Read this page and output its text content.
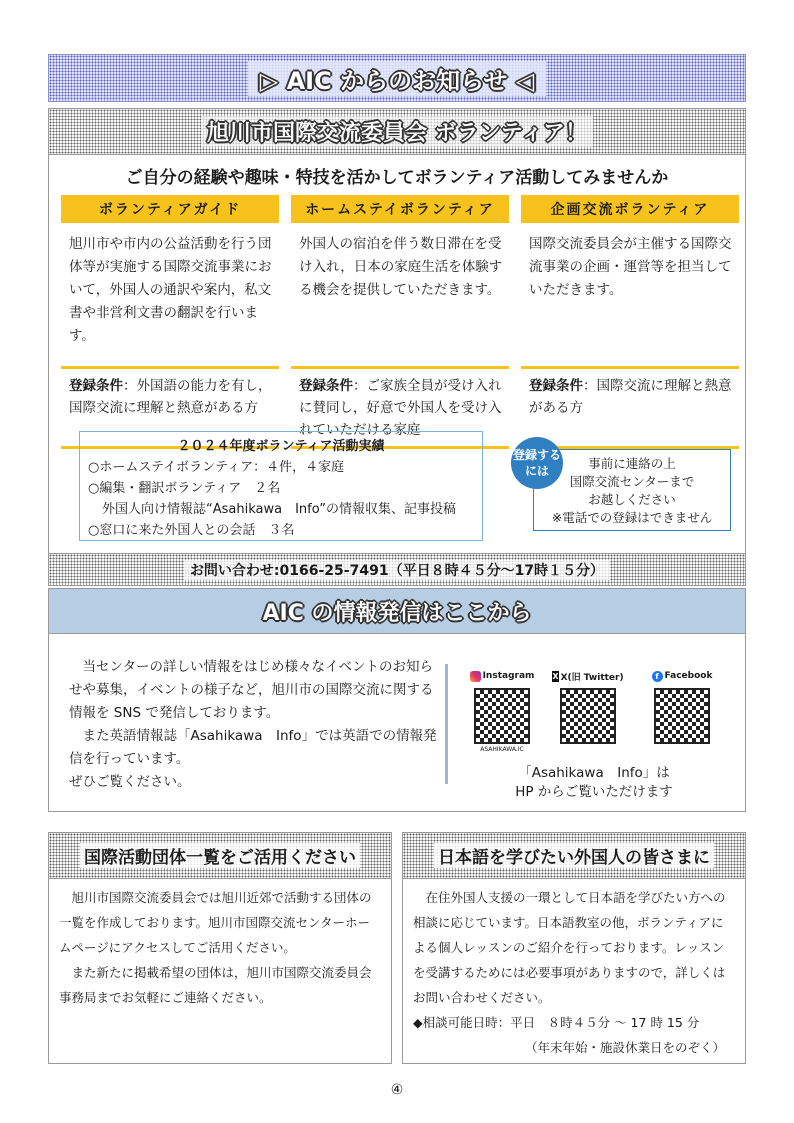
▷ AIC からのお知らせ ◁
旭川市国際交流委員会 ボランティア！
ご自分の経験や趣味・特技を活かしてボランティア活動してみませんか
ボランティアガイド
旭川市や市内の公益活動を行う団体等が実施する国際交流事業において，外国人の通訳や案内，私文書や非営利文書の翻訳を行います。
登録条件：外国語の能力を有し，国際交流に理解と熱意がある方
ホームステイボランティア
外国人の宿泊を伴う数日滞在を受け入れ，日本の家庭生活を体験する機会を提供していただきます。
登録条件：ご家族全員が受け入れに賛同し，好意で外国人を受け入れていただける家庭
企画交流ボランティア
国際交流委員会が主催する国際交流事業の企画・運営等を担当していただきます。
登録条件：国際交流に理解と熱意がある方
２０２４年度ボランティア活動実績
○ホームステイボランティア：４件，４家庭
○編集・翻訳ボランティア　２名
外国人向け情報誌“Asahikawa　Info”の情報収集、記事投稿
○窓口に来た外国人との会話　３名
登録するには	事前に連絡の上
国際交流センターまで
お越しください
※電話での登録はできません
お問い合わせ:0166-25-7491（平日８時４５分～17時１５分）
AIC の情報発信はここから

当センターの詳しい情報をはじめ様々なイベントのお知らせや募集，イベントの様子など，旭川市の国際交流に関する情報を SNS で発信しております。

また英語情報誌「Asahikawa　Info」では英語での情報発信を行っています。

ぜひご覧ください。

Instagram
ASAHIKAWA.IC
X X(旧 Twitter)	f Facebook
「Asahikawa　Info」は
HP からご覧いただけます
国際活動団体一覧をご活用ください

旭川市国際交流委員会では旭川近郊で活動する団体の一覧を作成しております。旭川市国際交流センターホームページにアクセスしてご活用ください。

また新たに掲載希望の団体は，旭川市国際交流委員会事務局までお気軽にご連絡ください。

日本語を学びたい外国人の皆さまに

在住外国人支援の一環として日本語を学びたい方への相談に応じています。日本語教室の他，ボランティアによる個人レッスンのご紹介を行っております。レッスンを受講するためには必要事項がありますので，詳しくはお問い合わせください。

◆相談可能日時：平日　８時４５分 ～ 17 時 15 分

（年末年始・施設休業日をのぞく）

④
